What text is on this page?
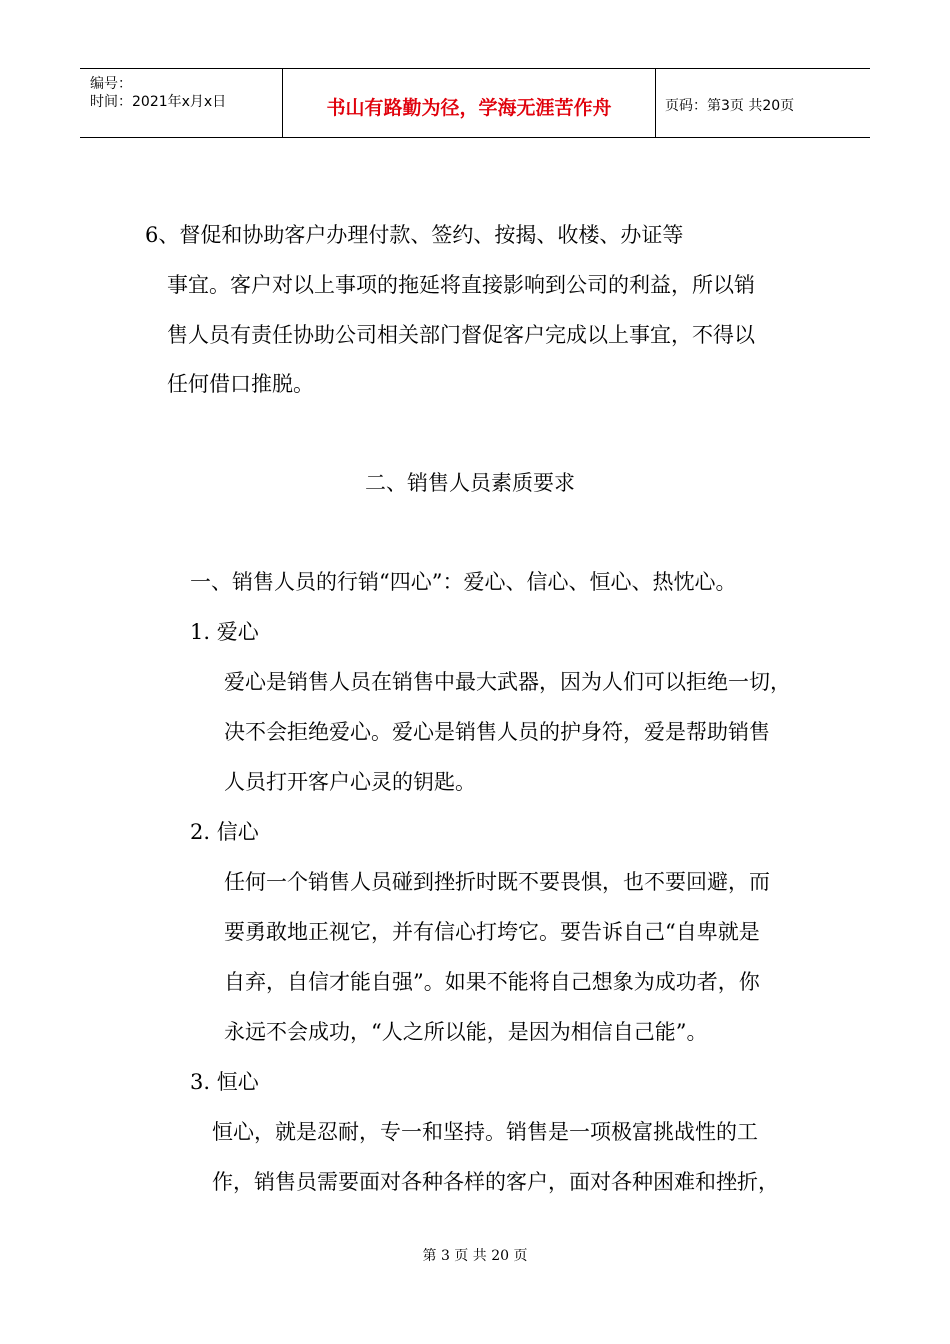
编号：
时间：2021年x月x日	书山有路勤为径，学海无涯苦作舟	页码：第3页 共20页
6、督促和协助客户办理付款、签约、按揭、收楼、办证等
事宜。客户对以上事项的拖延将直接影响到公司的利益，所以销
售人员有责任协助公司相关部门督促客户完成以上事宜，不得以
任何借口推脱。
二、销售人员素质要求
一、销售人员的行销“四心”：爱心、信心、恒心、热忱心。
1. 爱心
爱心是销售人员在销售中最大武器，因为人们可以拒绝一切，
决不会拒绝爱心。爱心是销售人员的护身符，爱是帮助销售
人员打开客户心灵的钥匙。
2. 信心
任何一个销售人员碰到挫折时既不要畏惧，也不要回避，而
要勇敢地正视它，并有信心打垮它。要告诉自己“自卑就是
自弃，自信才能自强”。如果不能将自己想象为成功者，你
永远不会成功，“人之所以能，是因为相信自己能”。
3. 恒心
恒心，就是忍耐，专一和坚持。销售是一项极富挑战性的工
作，销售员需要面对各种各样的客户，面对各种困难和挫折，
第 3 页 共 20 页
